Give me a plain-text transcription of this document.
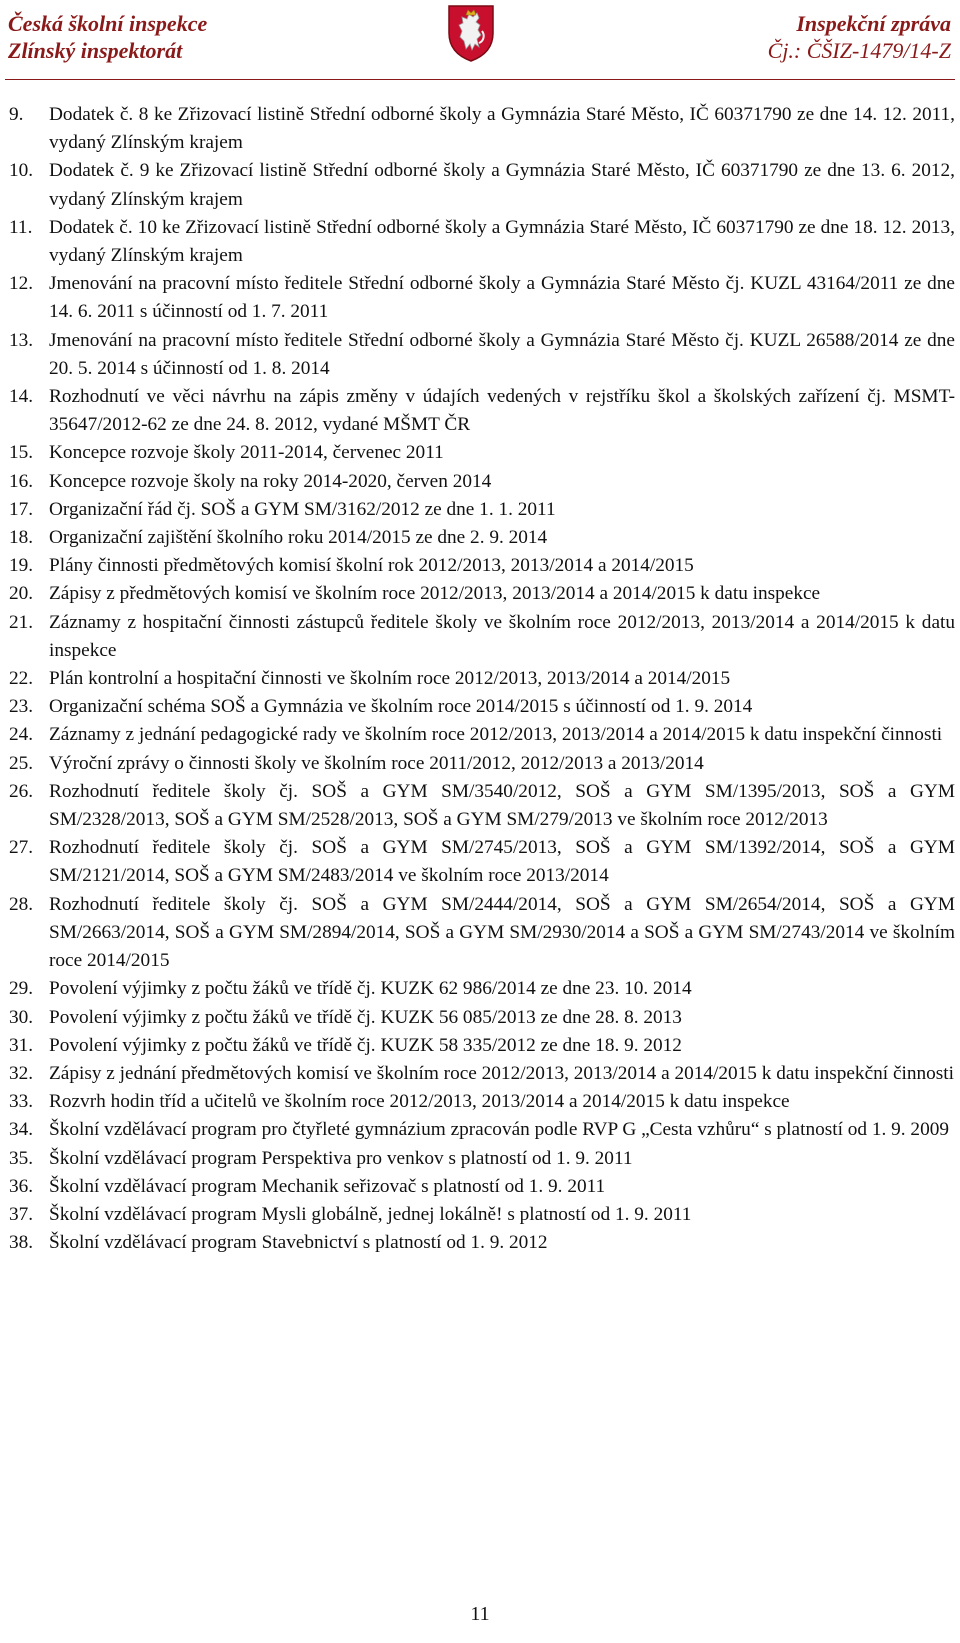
Česká školní inspekce
Zlínský inspektorát
Inspekční zpráva
Čj.: ČŠIZ-1479/14-Z
9.	Dodatek č. 8 ke Zřizovací listině Střední odborné školy a Gymnázia Staré Město, IČ 60371790 ze dne 14. 12. 2011, vydaný Zlínským krajem
10. Dodatek č. 9 ke Zřizovací listině Střední odborné školy a Gymnázia Staré Město, IČ 60371790 ze dne 13. 6. 2012, vydaný Zlínským krajem
11. Dodatek č. 10 ke Zřizovací listině Střední odborné školy a Gymnázia Staré Město, IČ 60371790 ze dne 18. 12. 2013, vydaný Zlínským krajem
12. Jmenování na pracovní místo ředitele Střední odborné školy a Gymnázia Staré Město čj. KUZL 43164/2011 ze dne 14. 6. 2011 s účinností od 1. 7. 2011
13. Jmenování na pracovní místo ředitele Střední odborné školy a Gymnázia Staré Město čj. KUZL 26588/2014 ze dne 20. 5. 2014 s účinností od 1. 8. 2014
14. Rozhodnutí ve věci návrhu na zápis změny v údajích vedených v rejstříku škol a školských zařízení čj. MSMT-35647/2012-62 ze dne 24. 8. 2012, vydané MŠMT ČR
15. Koncepce rozvoje školy 2011-2014, červenec 2011
16. Koncepce rozvoje školy na roky 2014-2020, červen 2014
17. Organizační řád čj. SOŠ a GYM SM/3162/2012 ze dne 1. 1. 2011
18. Organizační zajištění školního roku 2014/2015 ze dne 2. 9. 2014
19. Plány činnosti předmětových komisí školní rok 2012/2013, 2013/2014 a 2014/2015
20. Zápisy z předmětových komisí ve školním roce 2012/2013, 2013/2014 a 2014/2015 k datu inspekce
21. Záznamy z hospitační činnosti zástupců ředitele školy ve školním roce 2012/2013, 2013/2014 a 2014/2015 k datu inspekce
22. Plán kontrolní a hospitační činnosti ve školním roce 2012/2013, 2013/2014 a 2014/2015
23. Organizační schéma SOŠ a Gymnázia ve školním roce 2014/2015 s účinností od 1. 9. 2014
24. Záznamy z jednání pedagogické rady ve školním roce 2012/2013, 2013/2014 a 2014/2015 k datu inspekční činnosti
25. Výroční zprávy o činnosti školy ve školním roce 2011/2012, 2012/2013 a 2013/2014
26. Rozhodnutí ředitele školy čj. SOŠ a GYM SM/3540/2012, SOŠ a GYM SM/1395/2013, SOŠ a GYM SM/2328/2013, SOŠ a GYM SM/2528/2013, SOŠ a GYM SM/279/2013 ve školním roce 2012/2013
27. Rozhodnutí ředitele školy čj. SOŠ a GYM SM/2745/2013, SOŠ a GYM SM/1392/2014, SOŠ a GYM SM/2121/2014, SOŠ a GYM SM/2483/2014 ve školním roce 2013/2014
28. Rozhodnutí ředitele školy čj. SOŠ a GYM SM/2444/2014, SOŠ a GYM SM/2654/2014, SOŠ a GYM SM/2663/2014, SOŠ a GYM SM/2894/2014, SOŠ a GYM SM/2930/2014 a SOŠ a GYM SM/2743/2014 ve školním roce 2014/2015
29. Povolení výjimky z počtu žáků ve třídě čj. KUZK 62 986/2014 ze dne 23. 10. 2014
30. Povolení výjimky z počtu žáků ve třídě čj. KUZK 56 085/2013 ze dne 28. 8. 2013
31. Povolení výjimky z počtu žáků ve třídě čj. KUZK 58 335/2012 ze dne 18. 9. 2012
32. Zápisy z jednání předmětových komisí ve školním roce 2012/2013, 2013/2014 a 2014/2015 k datu inspekční činnosti
33. Rozvrh hodin tříd a učitelů ve školním roce 2012/2013, 2013/2014 a 2014/2015 k datu inspekce
34. Školní vzdělávací program pro čtyřleté gymnázium zpracován podle RVP G „Cesta vzhůru“ s platností od 1. 9. 2009
35. Školní vzdělávací program Perspektiva pro venkov s platností od 1. 9. 2011
36. Školní vzdělávací program Mechanik seřizovač s platností od 1. 9. 2011
37. Školní vzdělávací program Mysli globálně, jednej lokálně! s platností od 1. 9. 2011
38. Školní vzdělávací program Stavebnictví s platností od 1. 9. 2012
11
